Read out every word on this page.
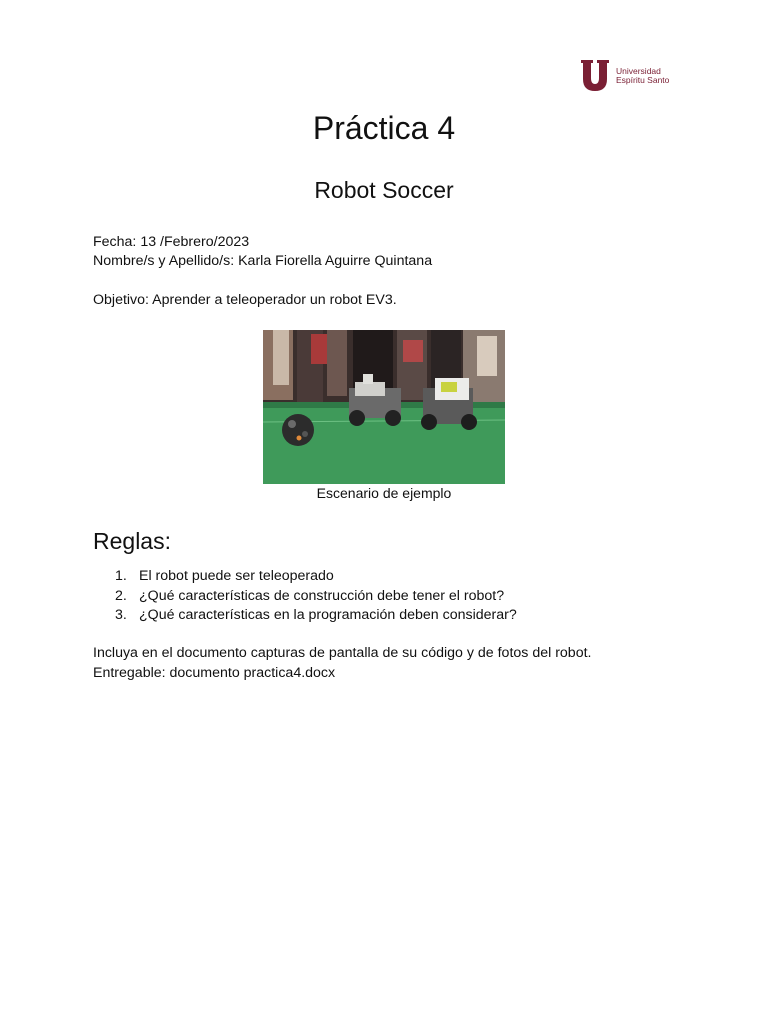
Universidad
Espíritu Santo
Práctica 4
Robot Soccer
Fecha: 13 /Febrero/2023
Nombre/s y Apellido/s: Karla Fiorella Aguirre Quintana
Objetivo: Aprender a teleoperador un robot EV3.
Escenario de ejemplo
Reglas:
1. El robot puede ser teleoperado
2. ¿Qué características de construcción debe tener el robot?
3. ¿Qué características en la programación deben considerar?
Incluya en el documento capturas de pantalla de su código y de fotos del robot.
Entregable: documento practica4.docx
